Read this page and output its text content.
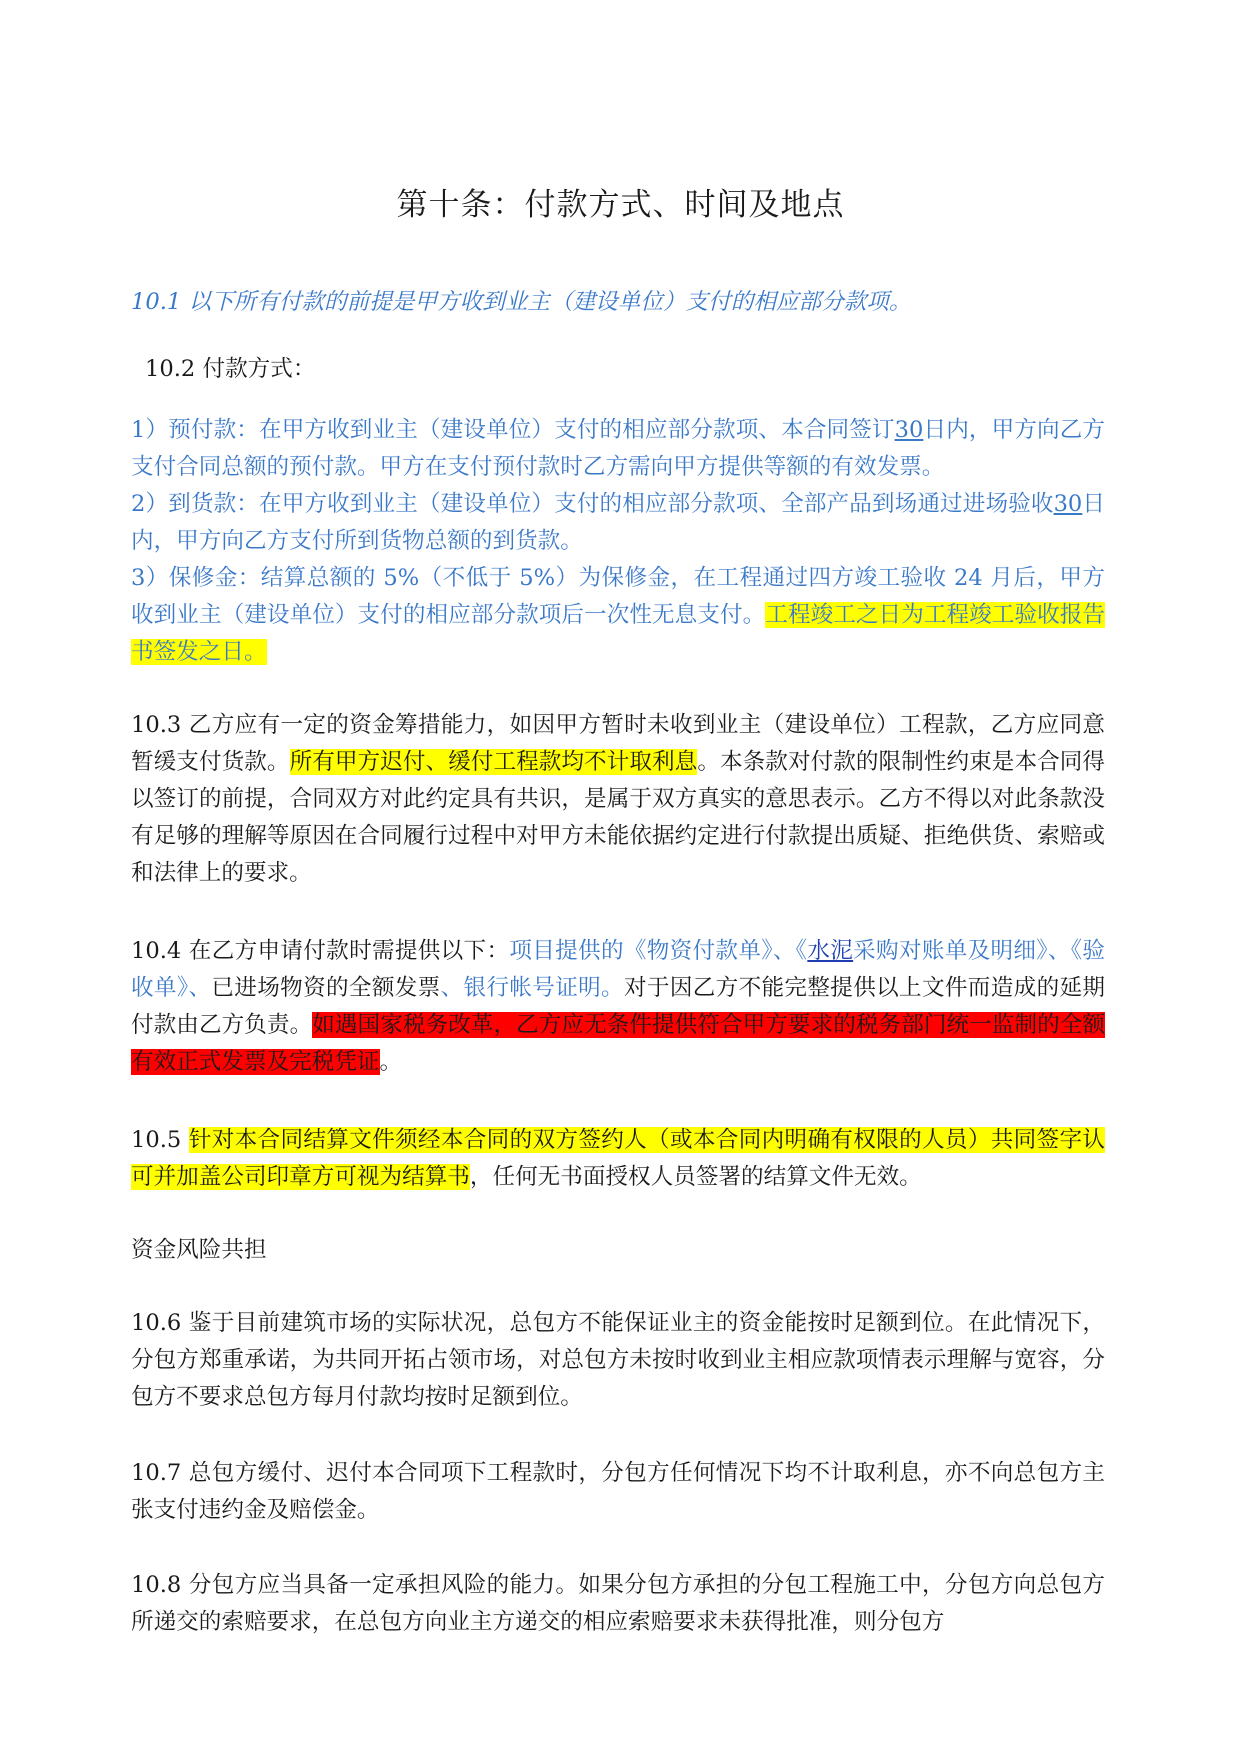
第十条：付款方式、时间及地点
10.1 以下所有付款的前提是甲方收到业主（建设单位）支付的相应部分款项。
10.2 付款方式：
1）预付款：在甲方收到业主（建设单位）支付的相应部分款项、本合同签订30日内，甲方向乙方支付合同总额的预付款。甲方在支付预付款时乙方需向甲方提供等额的有效发票。
2）到货款：在甲方收到业主（建设单位）支付的相应部分款项、全部产品到场通过进场验收30日内，甲方向乙方支付所到货物总额的到货款。
3）保修金：结算总额的 5%（不低于 5%）为保修金，在工程通过四方竣工验收 24 月后，甲方收到业主（建设单位）支付的相应部分款项后一次性无息支付。工程竣工之日为工程竣工验收报告书签发之日。
10.3 乙方应有一定的资金筹措能力，如因甲方暂时未收到业主（建设单位）工程款，乙方应同意暂缓支付货款。所有甲方迟付、缓付工程款均不计取利息。本条款对付款的限制性约束是本合同得以签订的前提，合同双方对此约定具有共识，是属于双方真实的意思表示。乙方不得以对此条款没有足够的理解等原因在合同履行过程中对甲方未能依据约定进行付款提出质疑、拒绝供货、索赔或和法律上的要求。
10.4 在乙方申请付款时需提供以下：项目提供的《物资付款单》、《水泥采购对账单及明细》、《验收单》、已进场物资的全额发票、银行帐号证明。对于因乙方不能完整提供以上文件而造成的延期付款由乙方负责。如遇国家税务改革，乙方应无条件提供符合甲方要求的税务部门统一监制的全额有效正式发票及完税凭证。
10.5 针对本合同结算文件须经本合同的双方签约人（或本合同内明确有权限的人员）共同签字认可并加盖公司印章方可视为结算书，任何无书面授权人员签署的结算文件无效。
资金风险共担
10.6 鉴于目前建筑市场的实际状况，总包方不能保证业主的资金能按时足额到位。在此情况下，分包方郑重承诺，为共同开拓占领市场，对总包方未按时收到业主相应款项情表示理解与宽容，分包方不要求总包方每月付款均按时足额到位。
10.7 总包方缓付、迟付本合同项下工程款时，分包方任何情况下均不计取利息，亦不向总包方主张支付违约金及赔偿金。
10.8 分包方应当具备一定承担风险的能力。如果分包方承担的分包工程施工中，分包方向总包方所递交的索赔要求，在总包方向业主方递交的相应索赔要求未获得批准，则分包方
